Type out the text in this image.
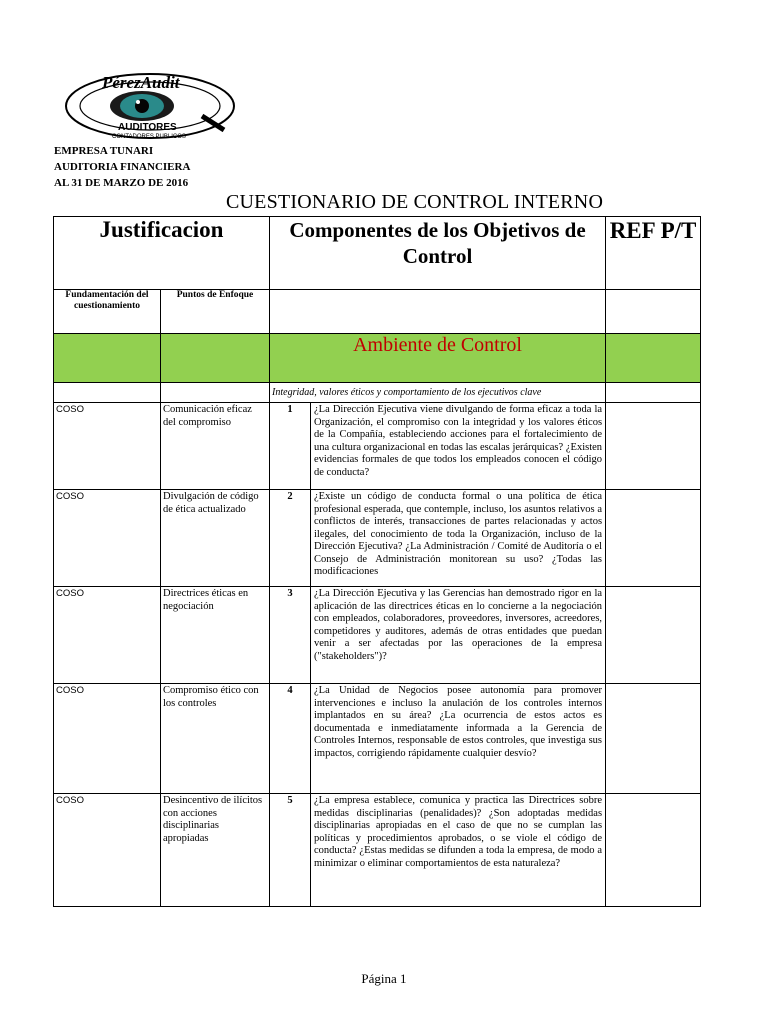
PérezAudit
AUDITORES
CONTADORES PUBLICOS
EMPRESA TUNARI
AUDITORIA FINANCIERA
AL 31 DE MARZO DE 2016
CUESTIONARIO DE CONTROL INTERNO
Justificacion		Componentes de los Objetivos de Control		REF P/T
Fundamentación del cuestionamiento	Puntos de Enfoque			
		Ambiente de Control		
		Integridad, valores éticos y comportamiento de los ejecutivos clave		
COSO	Comunicación eficaz del compromiso	1	¿La Dirección Ejecutiva viene divulgando de forma eficaz a toda la Organización, el compromiso con la integridad y los valores éticos de la Compañía, estableciendo acciones para el fortalecimiento de una cultura organizacional en todas las escalas jerárquicas? ¿Existen evidencias formales de que todos los empleados conocen el código de conducta?	
COSO	Divulgación de código de ética actualizado	2	¿Existe un código de conducta formal o una política de ética profesional esperada, que contemple, incluso, los asuntos relativos a conflictos de interés, transacciones de partes relacionadas y actos ilegales, del conocimiento de toda la Organización, incluso de la Dirección Ejecutiva? ¿La Administración / Comité de Auditoría o el Consejo de Administración monitorean su uso? ¿Todas las modificaciones	
COSO	Directrices éticas en negociación	3	¿La Dirección Ejecutiva y las Gerencias han demostrado rigor en la aplicación de las directrices éticas en lo concierne a la negociación con empleados, colaboradores, proveedores, inversores, acreedores, competidores y auditores, además de otras entidades que puedan venir a ser afectadas por las operaciones de la empresa ("stakeholders")?	
COSO	Compromiso ético con los controles	4	¿La Unidad de Negocios posee autonomía para promover intervenciones e incluso la anulación de los controles internos implantados en su área? ¿La ocurrencia de estos actos es documentada e inmediatamente informada a la Gerencia de Controles Internos, responsable de estos controles, que investiga sus impactos, corrigiendo rápidamente cualquier desvío?	
COSO	Desincentivo de ilícitos con acciones disciplinarias apropiadas	5	¿La empresa establece, comunica y practica las Directrices sobre medidas disciplinarias (penalidades)? ¿Son adoptadas medidas disciplinarias apropiadas en el caso de que no se cumplan las políticas y procedimientos aprobados, o se viole el código de conducta? ¿Estas medidas se difunden a toda la empresa, de modo a minimizar o eliminar comportamientos de esta naturaleza?	
Página 1
